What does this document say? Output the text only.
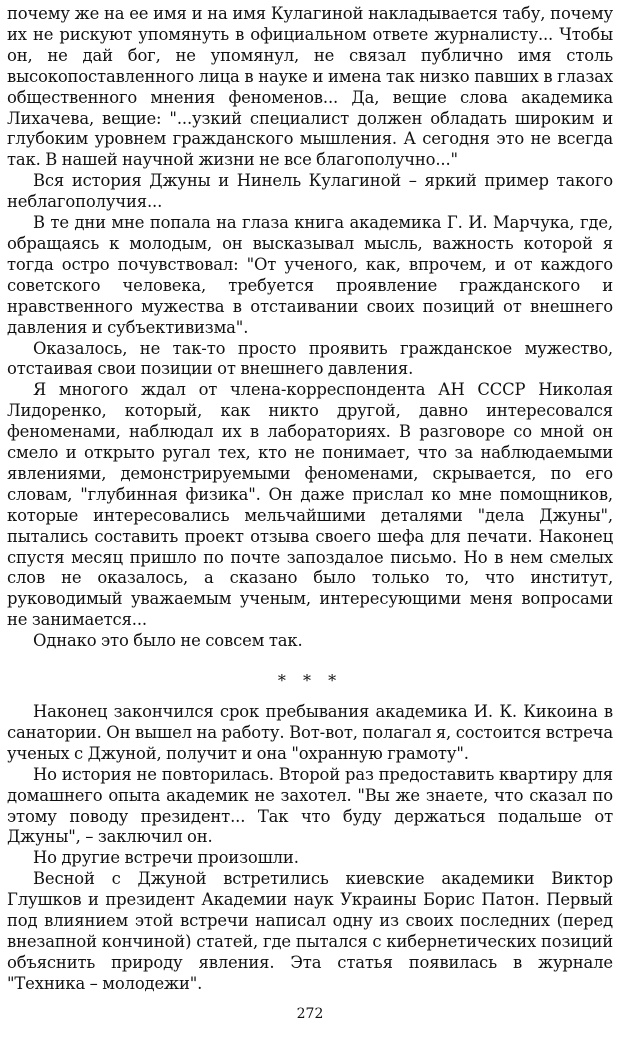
почему же на ее имя и на имя Кулагиной накладывается табу, почему их не рискуют упомянуть в официальном ответе журналисту... Чтобы он, не дай бог, не упомянул, не связал публично имя столь высокопоставленного лица в науке и имена так низко павших в глазах общественного мнения феноменов... Да, вещие слова академика Лихачева, вещие: "...узкий специалист должен обладать широким и глубоким уровнем гражданского мышления. А сегодня это не всегда так. В нашей научной жизни не все благополучно..."

Вся история Джуны и Нинель Кулагиной – яркий пример такого неблагополучия...

В те дни мне попала на глаза книга академика Г. И. Марчука, где, обращаясь к молодым, он высказывал мысль, важность которой я тогда остро почувствовал: "От ученого, как, впрочем, и от каждого советского человека, требуется проявление гражданского и нравственного мужества в отстаивании своих позиций от внешнего давления и субъективизма".

Оказалось, не так-то просто проявить гражданское мужество, отстаивая свои позиции от внешнего давления.

Я многого ждал от члена-корреспондента АН СССР Николая Лидоренко, который, как никто другой, давно интересовался феноменами, наблюдал их в лабораториях. В разговоре со мной он смело и открыто ругал тех, кто не понимает, что за наблюдаемыми явлениями, демонстрируемыми феноменами, скрывается, по его словам, "глубинная физика". Он даже прислал ко мне помощников, которые интересовались мельчайшими деталями "дела Джуны", пытались составить проект отзыва своего шефа для печати. Наконец спустя месяц пришло по почте запоздалое письмо. Но в нем смелых слов не оказалось, а сказано было только то, что институт, руководимый уважаемым ученым, интересующими меня вопросами не занимается...

Однако это было не совсем так.

* * *

Наконец закончился срок пребывания академика И. К. Кикоина в санатории. Он вышел на работу. Вот-вот, полагал я, состоится встреча ученых с Джуной, получит и она "охранную грамоту".

Но история не повторилась. Второй раз предоставить квартиру для домашнего опыта академик не захотел. "Вы же знаете, что сказал по этому поводу президент... Так что буду держаться подальше от Джуны", – заключил он.

Но другие встречи произошли.

Весной с Джуной встретились киевские академики Виктор Глушков и президент Академии наук Украины Борис Патон. Первый под влиянием этой встречи написал одну из своих последних (перед внезапной кончиной) статей, где пытался с кибернетических позиций объяснить природу явления. Эта статья появилась в журнале "Техника – молодежи".

272
